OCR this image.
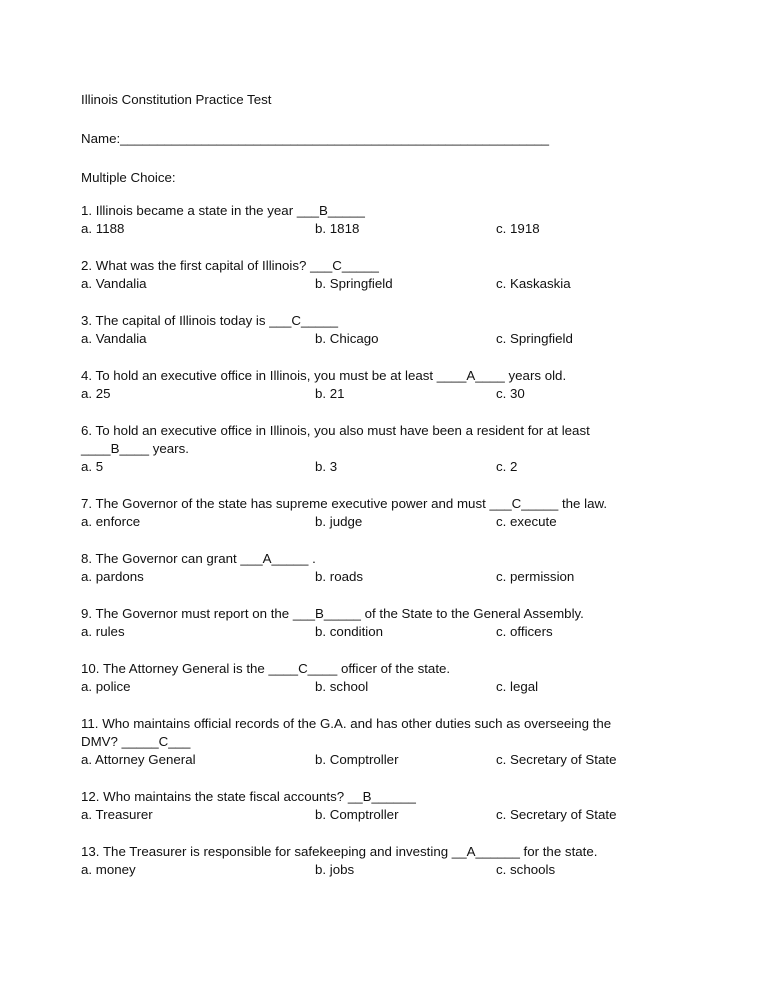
Illinois Constitution Practice Test
Name:__________________________________________________________
Multiple Choice:
1. Illinois became a state in the year ___B_____
a. 1188	b. 1818	c. 1918
2. What was the first capital of Illinois? ___C_____
a. Vandalia	b. Springfield	c. Kaskaskia
3. The capital of Illinois today is ___C_____
a. Vandalia	b. Chicago	c. Springfield
4. To hold an executive office in Illinois, you must be at least ____A____ years old.
a. 25	b. 21	c. 30
6. To hold an executive office in Illinois, you also must have been a resident for at least
____B____ years.
a. 5	b. 3	c. 2
7. The Governor of the state has supreme executive power and must ___C_____ the law.
a. enforce	b. judge	c. execute
8. The Governor can grant ___A_____ .
a. pardons	b. roads	c. permission
9. The Governor must report on the ___B_____ of the State to the General Assembly.
a. rules	b. condition	c. officers
10. The Attorney General is the ____C____ officer of the state.
a. police	b. school	c. legal
11. Who maintains official records of the G.A. and has other duties such as overseeing the
DMV? _____C___
a. Attorney General	b. Comptroller	c. Secretary of State
12. Who maintains the state fiscal accounts? __B______
a. Treasurer	b. Comptroller	c. Secretary of State
13. The Treasurer is responsible for safekeeping and investing __A______ for the state.
a. money	b. jobs	c. schools
